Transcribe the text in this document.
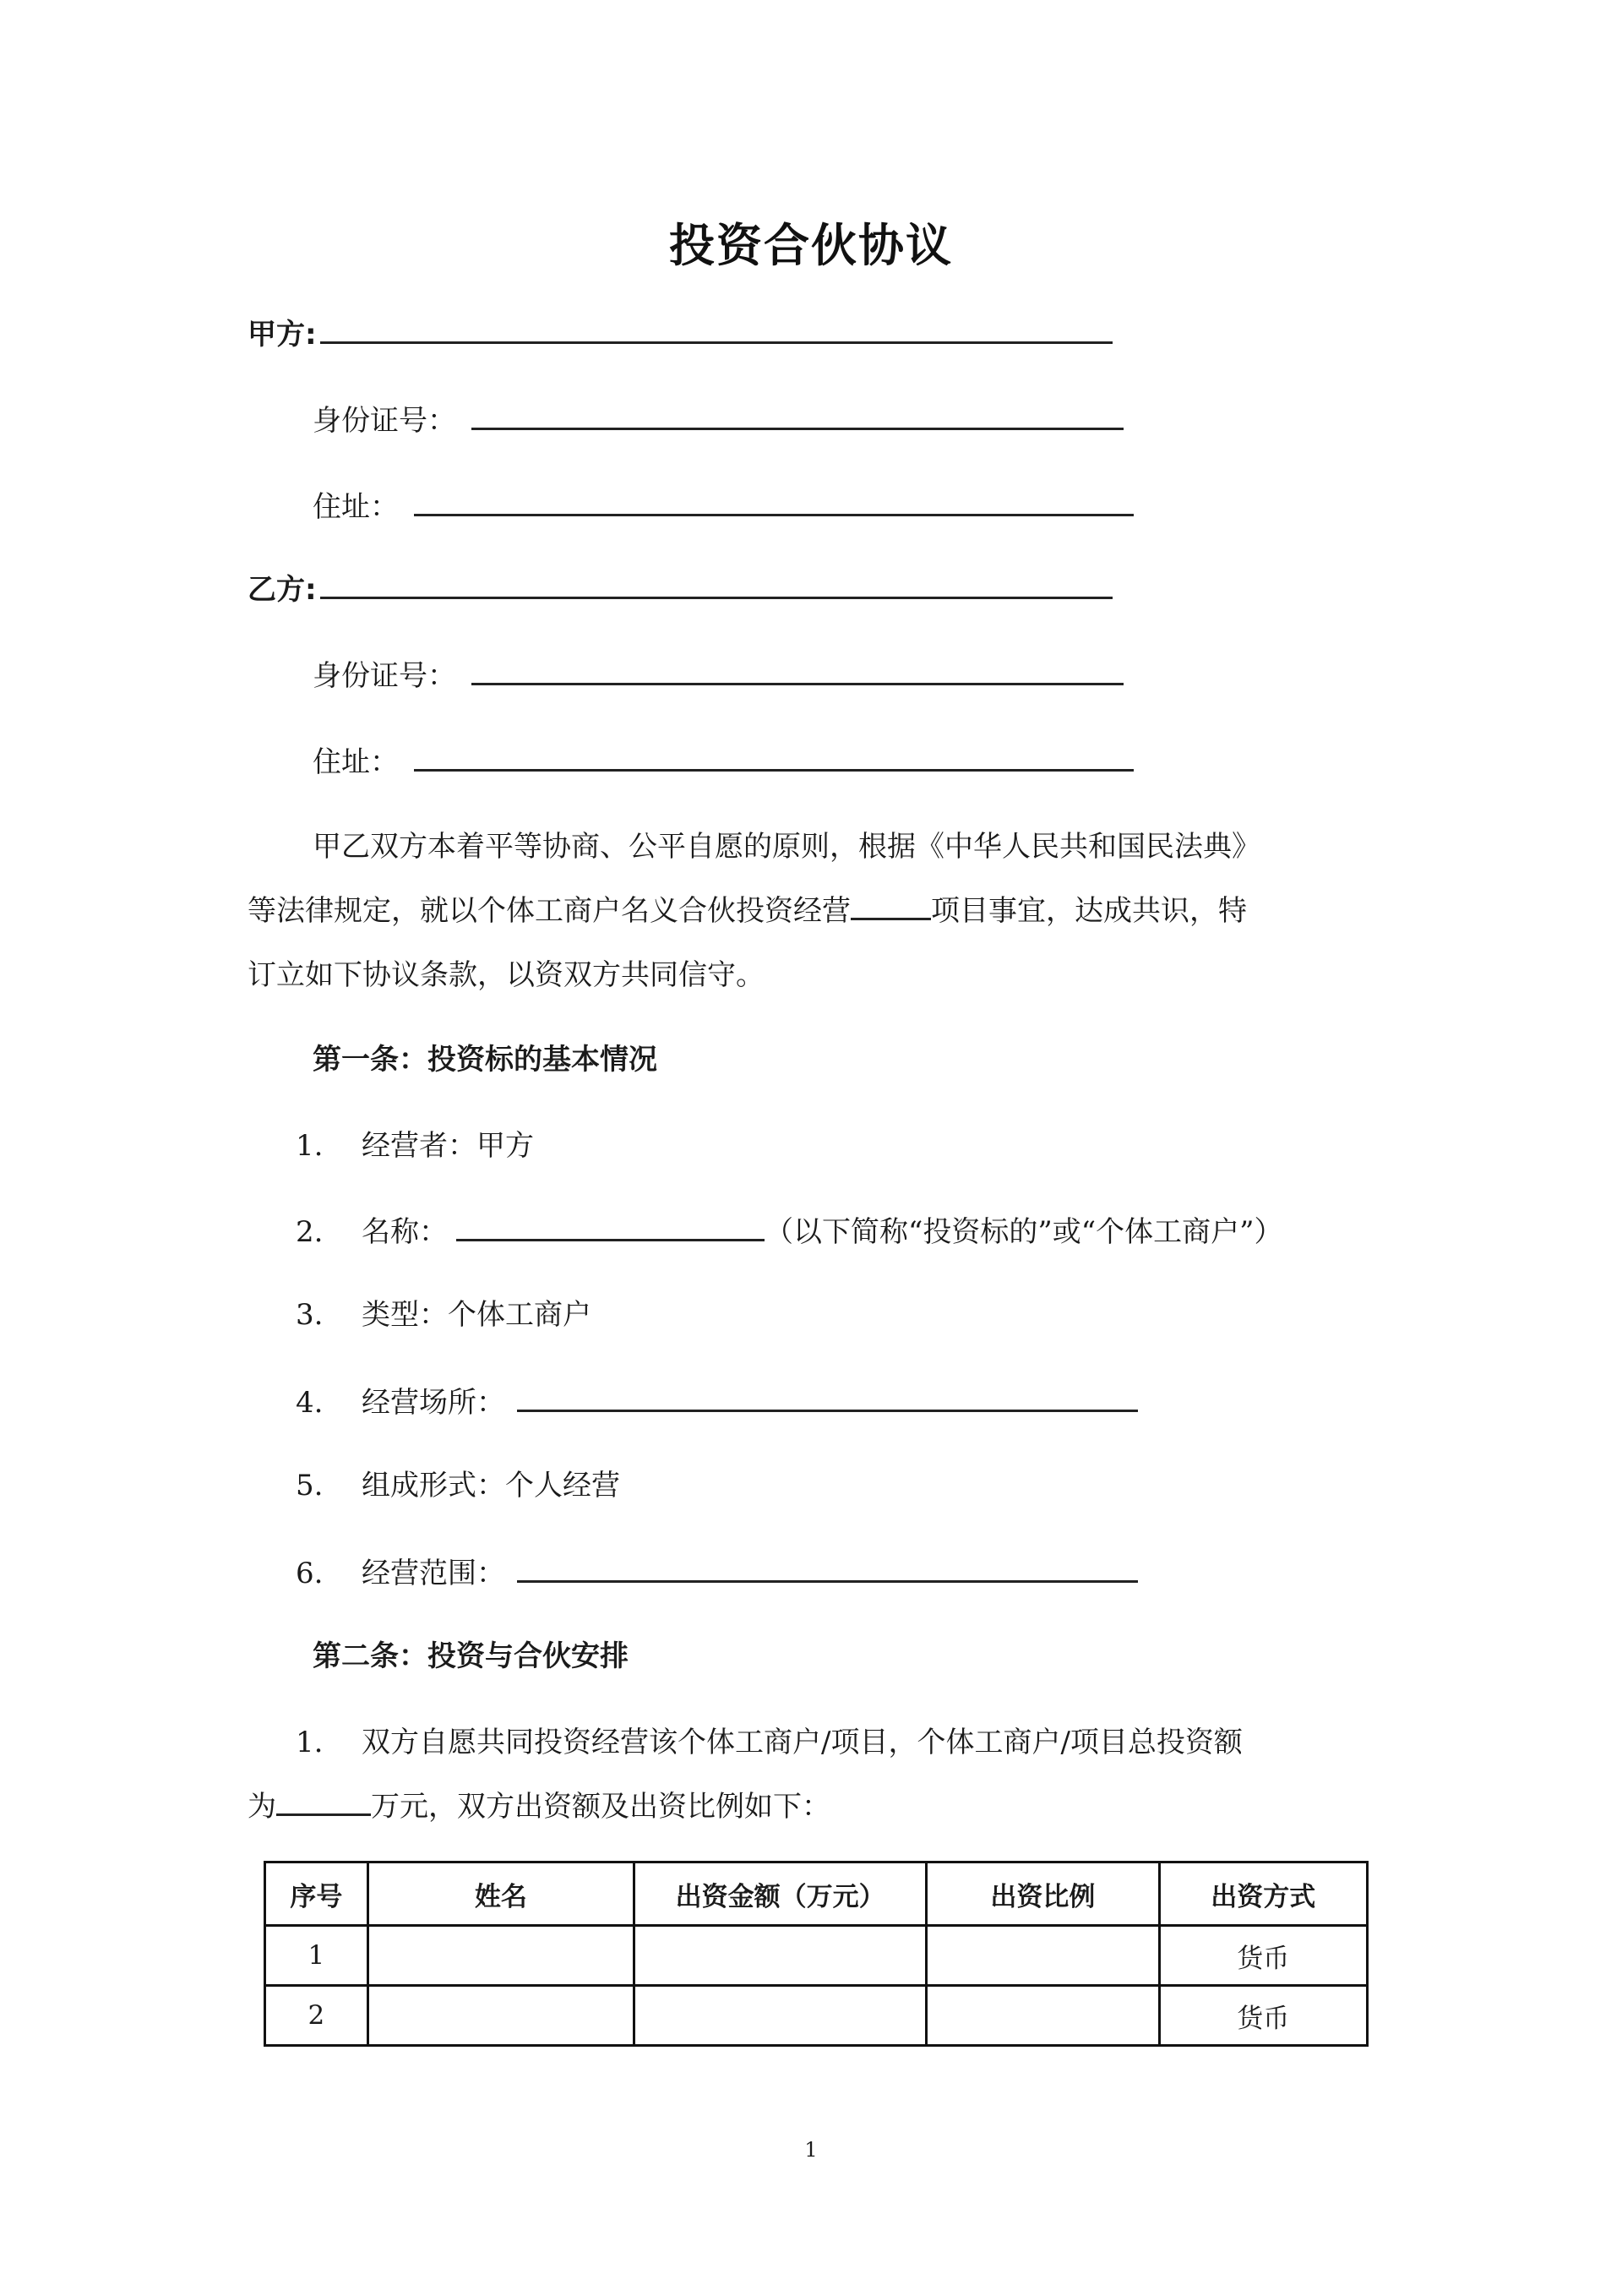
投资合伙协议
甲方:
身份证号：
住址：
乙方:
身份证号：
住址：
甲乙双方本着平等协商、公平自愿的原则，根据《中华人民共和国民法典》
等法律规定，就以个体工商户名义合伙投资经营	项目事宜，达成共识，特
订立如下协议条款，以资双方共同信守。
第一条：投资标的基本情况
1. 经营者：甲方
2. 名称：	（以下简称“投资标的”或“个体工商户”）
3. 类型：个体工商户
4. 经营场所：
5. 组成形式：个人经营
6. 经营范围：
第二条：投资与合伙安排
1. 双方自愿共同投资经营该个体工商户/项目，个体工商户/项目总投资额
为	万元，双方出资额及出资比例如下：
序号	姓名	出资金额（万元）	出资比例	出资方式
1				货币
2				货币
1
